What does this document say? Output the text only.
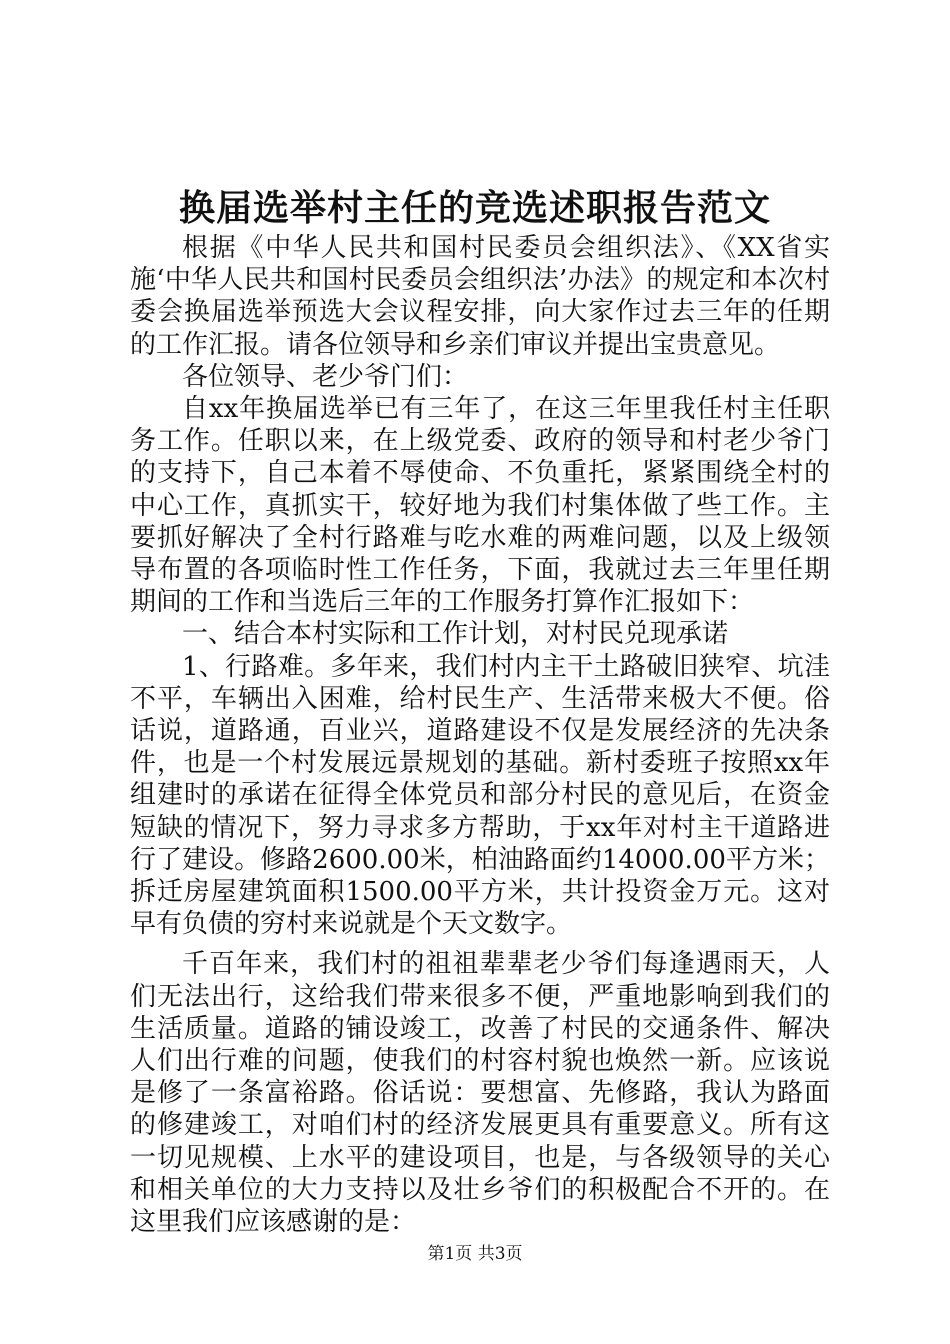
换届选举村主任的竞选述职报告范文

根据《中华人民共和国村民委员会组织法》、《XX省实施‘中华人民共和国村民委员会组织法’办法》的规定和本次村委会换届选举预选大会议程安排，向大家作过去三年的任期的工作汇报。请各位领导和乡亲们审议并提出宝贵意见。

各位领导、老少爷门们：

自xx年换届选举已有三年了，在这三年里我任村主任职务工作。任职以来，在上级党委、政府的领导和村老少爷门的支持下，自己本着不辱使命、不负重托，紧紧围绕全村的中心工作，真抓实干，较好地为我们村集体做了些工作。主要抓好解决了全村行路难与吃水难的两难问题，以及上级领导布置的各项临时性工作任务，下面，我就过去三年里任期期间的工作和当选后三年的工作服务打算作汇报如下：

一、结合本村实际和工作计划，对村民兑现承诺

1、行路难。多年来，我们村内主干土路破旧狭窄、坑洼不平，车辆出入困难，给村民生产、生活带来极大不便。俗话说，道路通，百业兴，道路建设不仅是发展经济的先决条件，也是一个村发展远景规划的基础。新村委班子按照xx年组建时的承诺在征得全体党员和部分村民的意见后，在资金短缺的情况下，努力寻求多方帮助，于xx年对村主干道路进行了建设。修路2600.00米，柏油路面约14000.00平方米；拆迁房屋建筑面积1500.00平方米，共计投资金万元。这对早有负债的穷村来说就是个天文数字。

千百年来，我们村的祖祖辈辈老少爷们每逢遇雨天，人们无法出行，这给我们带来很多不便，严重地影响到我们的生活质量。道路的铺设竣工，改善了村民的交通条件、解决人们出行难的问题，使我们的村容村貌也焕然一新。应该说是修了一条富裕路。俗话说：要想富、先修路，我认为路面的修建竣工，对咱们村的经济发展更具有重要意义。所有这一切见规模、上水平的建设项目，也是，与各级领导的关心和相关单位的大力支持以及壮乡爷们的积极配合不开的。在这里我们应该感谢的是：

第1页 共3页
